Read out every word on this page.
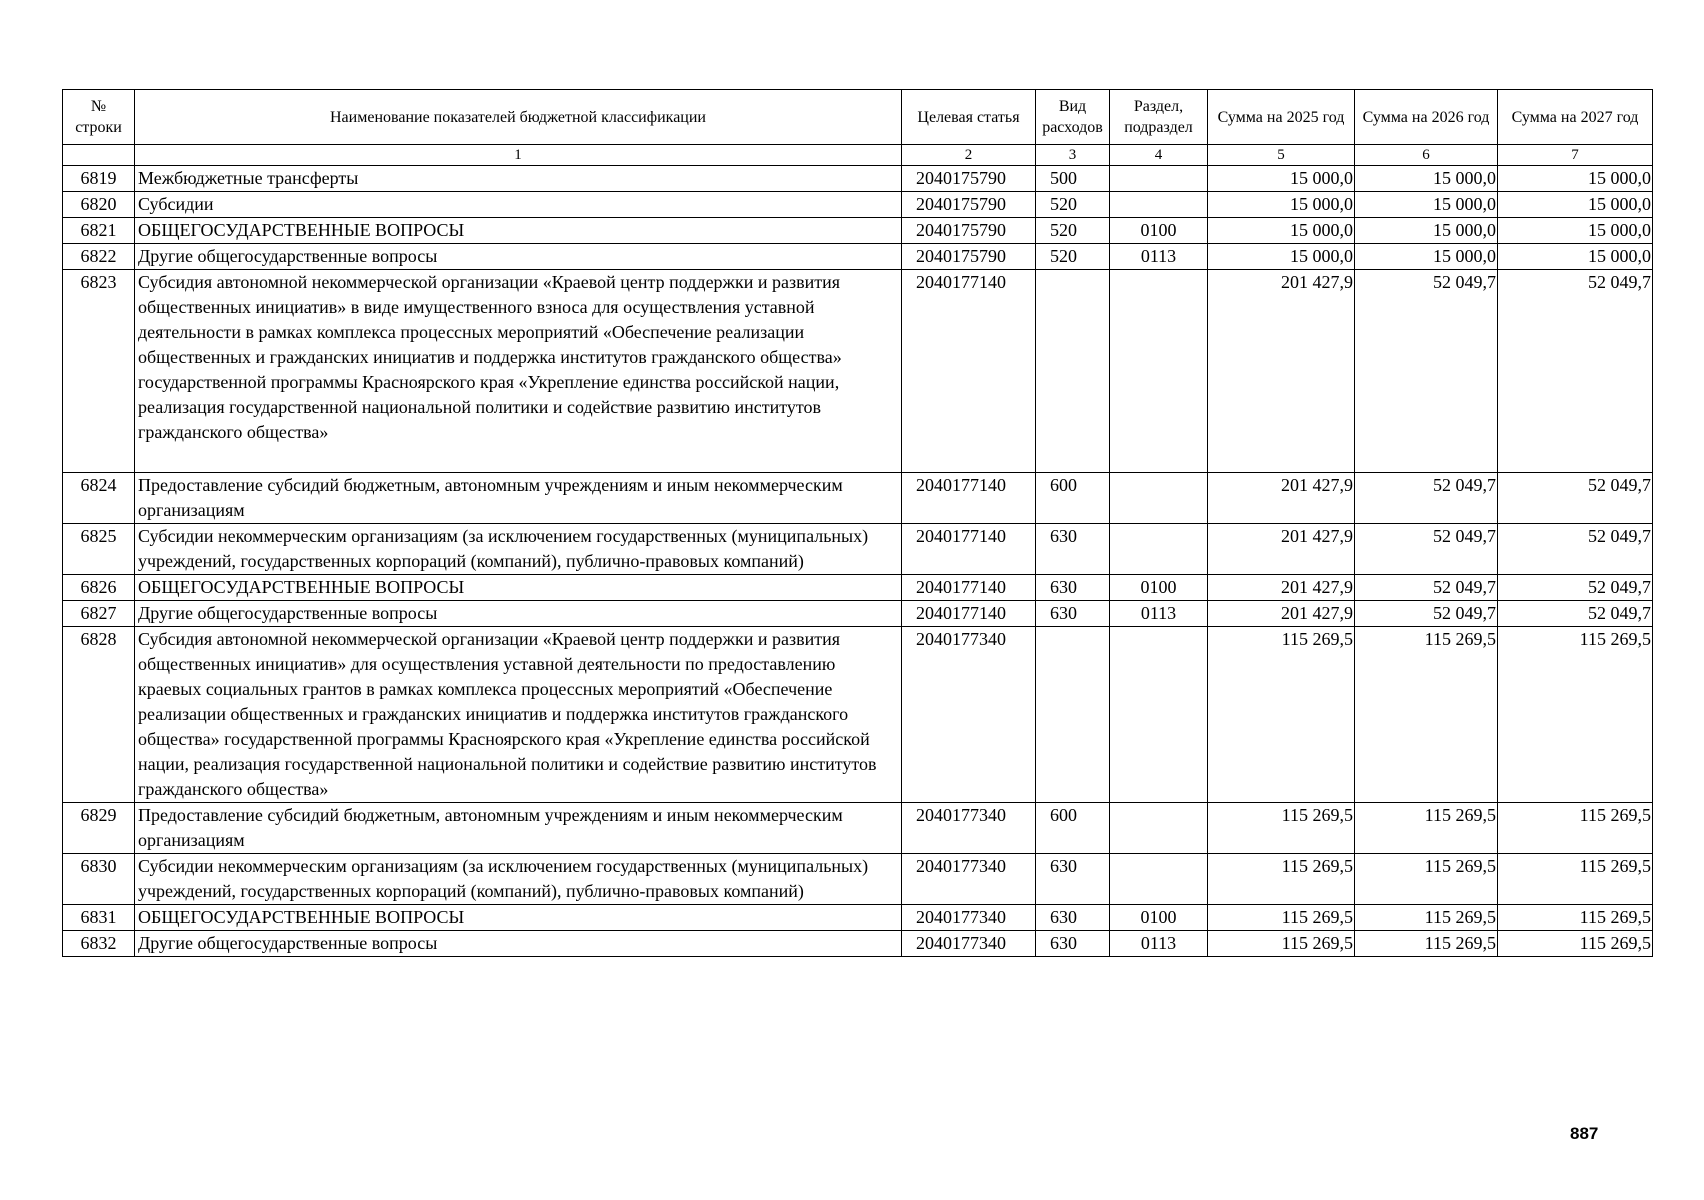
№ строки	Наименование показателей бюджетной классификации	Целевая статья	Вид расходов	Раздел, подраздел	Сумма на 2025 год	Сумма на 2026 год	Сумма на 2027 год
	1	2	3	4	5	6	7
6819	Межбюджетные трансферты	2040175790	500		15 000,0	15 000,0	15 000,0
6820	Субсидии	2040175790	520		15 000,0	15 000,0	15 000,0
6821	ОБЩЕГОСУДАРСТВЕННЫЕ ВОПРОСЫ	2040175790	520	0100	15 000,0	15 000,0	15 000,0
6822	Другие общегосударственные вопросы	2040175790	520	0113	15 000,0	15 000,0	15 000,0
6823	Субсидия автономной некоммерческой организации «Краевой центр поддержки и развития общественных инициатив» в виде имущественного взноса для осуществления уставной деятельности в рамках комплекса процессных мероприятий «Обеспечение реализации общественных и гражданских инициатив и поддержка институтов гражданского общества» государственной программы Красноярского края «Укрепление единства российской нации, реализация государственной национальной политики и содействие развитию институтов гражданского общества»	2040177140			201 427,9	52 049,7	52 049,7
6824	Предоставление субсидий бюджетным, автономным учреждениям и иным некоммерческим организациям	2040177140	600		201 427,9	52 049,7	52 049,7
6825	Субсидии некоммерческим организациям (за исключением государственных (муниципальных) учреждений, государственных корпораций (компаний), публично-правовых компаний)	2040177140	630		201 427,9	52 049,7	52 049,7
6826	ОБЩЕГОСУДАРСТВЕННЫЕ ВОПРОСЫ	2040177140	630	0100	201 427,9	52 049,7	52 049,7
6827	Другие общегосударственные вопросы	2040177140	630	0113	201 427,9	52 049,7	52 049,7
6828	Субсидия автономной некоммерческой организации «Краевой центр поддержки и развития общественных инициатив» для осуществления уставной деятельности по предоставлению краевых социальных грантов в рамках комплекса процессных мероприятий «Обеспечение реализации общественных и гражданских инициатив и поддержка институтов гражданского общества» государственной программы Красноярского края «Укрепление единства российской нации, реализация государственной национальной политики и содействие развитию институтов гражданского общества»	2040177340			115 269,5	115 269,5	115 269,5
6829	Предоставление субсидий бюджетным, автономным учреждениям и иным некоммерческим организациям	2040177340	600		115 269,5	115 269,5	115 269,5
6830	Субсидии некоммерческим организациям (за исключением государственных (муниципальных) учреждений, государственных корпораций (компаний), публично-правовых компаний)	2040177340	630		115 269,5	115 269,5	115 269,5
6831	ОБЩЕГОСУДАРСТВЕННЫЕ ВОПРОСЫ	2040177340	630	0100	115 269,5	115 269,5	115 269,5
6832	Другие общегосударственные вопросы	2040177340	630	0113	115 269,5	115 269,5	115 269,5
887
